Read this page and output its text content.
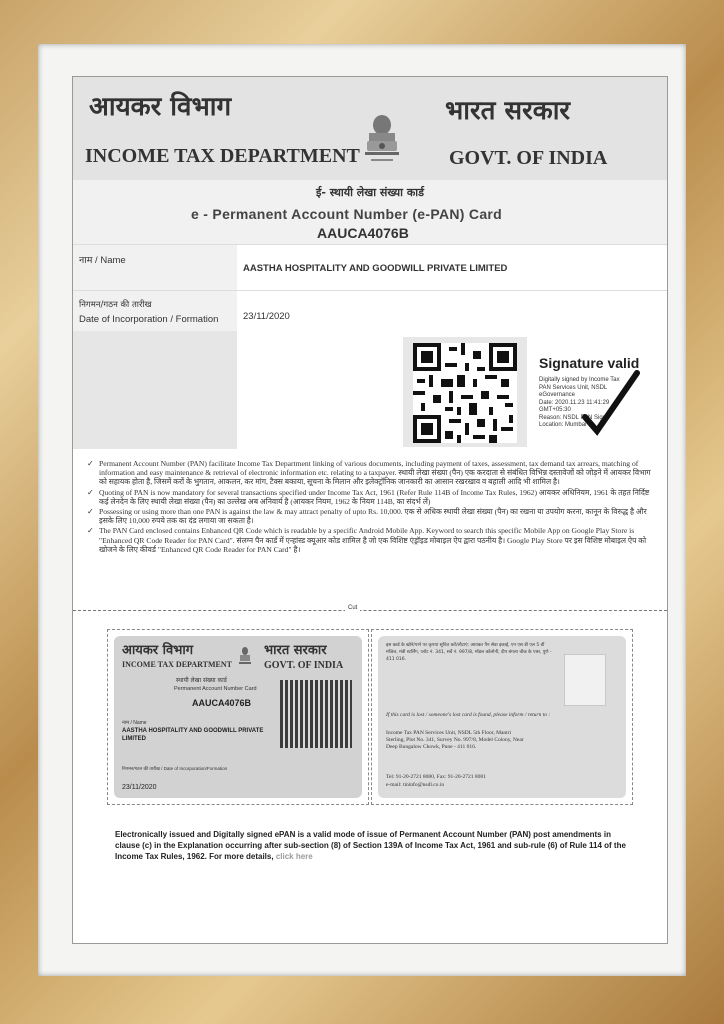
आयकर विभाग
INCOME TAX DEPARTMENT
भारत सरकार
GOVT. OF INDIA
ई- स्थायी लेखा संख्या कार्ड
e - Permanent Account Number (e-PAN) Card
AAUCA4076B
नाम / Name
AASTHA HOSPITALITY AND GOODWILL PRIVATE LIMITED
निगमन/गठन की तारीख
Date of Incorporation / Formation	23/11/2020
Signature valid
Digitally signed by Income Tax
PAN Services Unit, NSDL
eGovernance
Date: 2020.11.23 11:41:29
GMT+05:30
Reason: NSDL PAN Sign
Location: Mumbai
✓ Permanent Account Number (PAN) facilitate Income Tax Department linking of various documents, including payment of taxes, assessment, tax demand tax arrears, matching of information and easy maintenance & retrieval of electronic information etc. relating to a taxpayer. स्थायी लेखा संख्या (पैन) एक करदाता से संबंधित विभिन्न दस्तावेजों को जोड़ने में आयकर विभाग को सहायक होता है, जिसमें करों के भुगतान, आकलन, कर मांग, टैक्स बकाया, सूचना के मिलान और इलेक्ट्रॉनिक जानकारी का आसान रखरखाव व बहाली आदि भी शामिल है।
✓ Quoting of PAN is now mandatory for several transactions specified under Income Tax Act, 1961 (Refer Rule 114B of Income Tax Rules, 1962) आयकर अधिनियम, 1961 के तहत निर्दिष्ट कई लेनदेन के लिए स्थायी लेखा संख्या (पैन) का उल्लेख अब अनिवार्य है (आयकर नियम, 1962 के नियम 114B, का संदर्भ लें)
✓ Possessing or using more than one PAN is against the law & may attract penalty of upto Rs. 10,000. एक से अधिक स्थायी लेखा संख्या (पैन) का रखना या उपयोग करना, कानून के विरुद्ध है और इसके लिए 10,000 रुपये तक का दंड लगाया जा सकता है।
✓ The PAN Card enclosed contains Enhanced QR Code which is readable by a specific Android Mobile App. Keyword to search this specific Mobile App on Google Play Store is "Enhanced QR Code Reader for PAN Card". संलग्न पैन कार्ड में एन्हांस्ड क्यूआर कोड शामिल है जो एक विशिष्ट एंड्रॉइड मोबाइल ऐप द्वारा पठनीय है। Google Play Store पर इस विशिष्ट मोबाइल ऐप को खोजने के लिए कीवर्ड "Enhanced QR Code Reader for PAN Card" है।
Cut
आयकर विभाग
INCOME TAX DEPARTMENT
भारत सरकार
GOVT. OF INDIA
स्थायी लेखा संख्या कार्ड
Permanent Account Number Card
AAUCA4076B
नाम / Name
AASTHA HOSPITALITY AND GOODWILL PRIVATE LIMITED
निगमन/गठन की तारीख / Date of Incorporation/Formation
23/11/2020
इस कार्ड के खोने/पाने पर कृपया सूचित करें/लौटाएं: आयकर पैन सेवा इकाई, एन एस डी एल 5 वीं मंजिल, मंत्री स्टर्लिंग, प्लॉट नं. 341, सर्वे नं. 997/8, मॉडल कॉलोनी, दीप बंगला चौक के पास, पुणे - 411 016.
If this card is lost / someone's lost card is found, please inform / return to :
Income Tax PAN Services Unit, NSDL 5th Floor, Mantri Sterling, Plot No. 341, Survey No. 997/8, Model Colony, Near Deep Bungalow Chowk, Pune - 411 016.
Tel: 91-20-2721 8080, Fax: 91-20-2721 8081
e-mail: tininfo@nsdl.co.in
Electronically issued and Digitally signed ePAN is a valid mode of issue of Permanent Account Number (PAN) post amendments in clause (c) in the Explanation occurring after sub-section (8) of Section 139A of Income Tax Act, 1961 and sub-rule (6) of Rule 114 of the Income Tax Rules, 1962. For more details, click here
